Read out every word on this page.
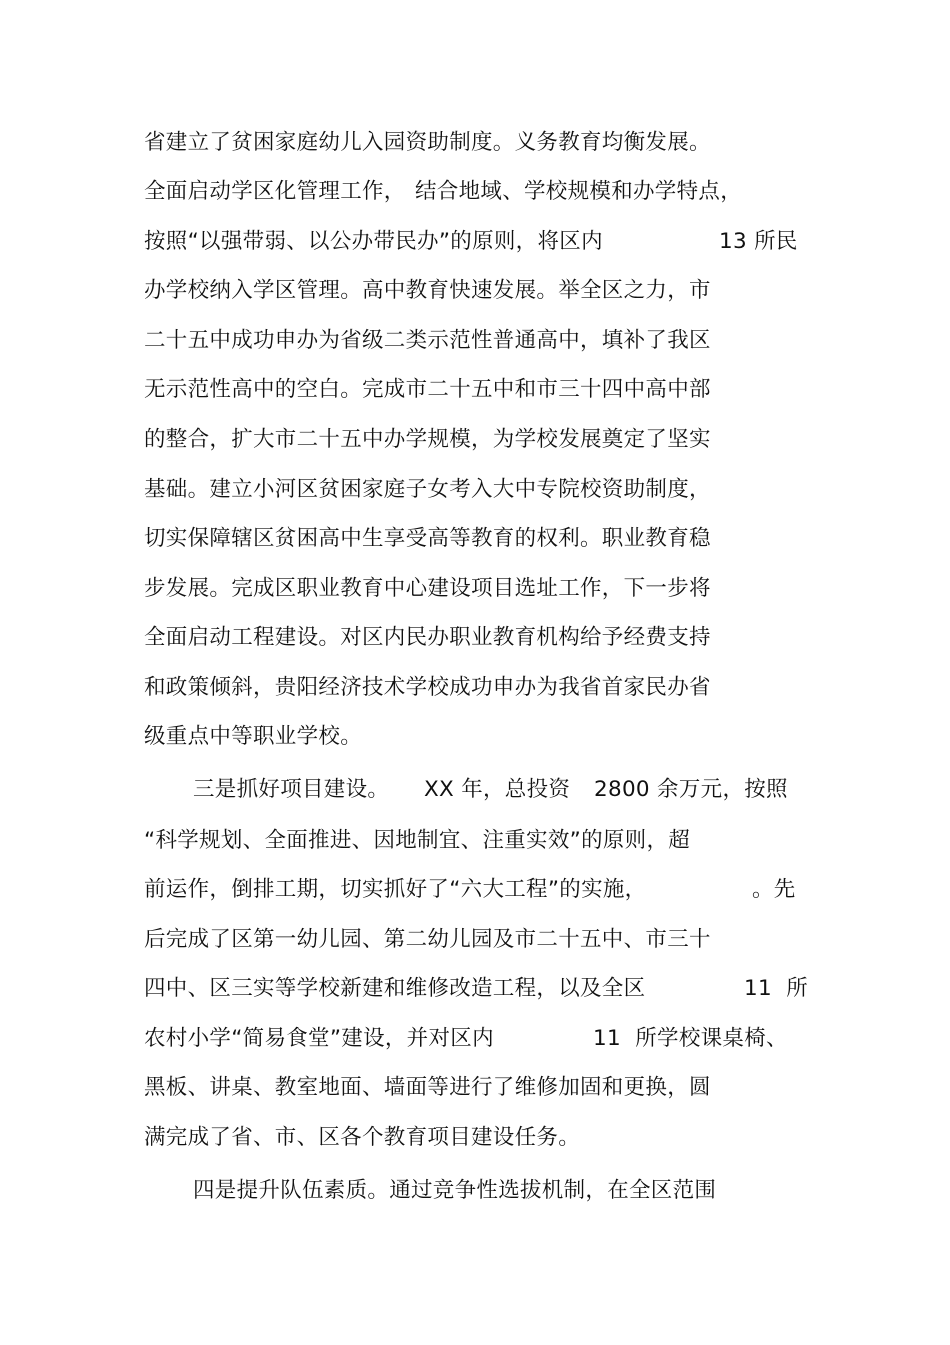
省建立了贫困家庭幼儿入园资助制度。义务教育均衡发展。

全面启动学区化管理工作，

结合地域、学校规模和办学特点，

按照“以强带弱、以公办带民办”的原则，将区内

	13 所民

办学校纳入学区管理。高中教育快速发展。举全区之力，市

二十五中成功申办为省级二类示范性普通高中，填补了我区

无示范性高中的空白。完成市二十五中和市三十四中高中部

的整合，扩大市二十五中办学规模，为学校发展奠定了坚实

基础。建立小河区贫困家庭子女考入大中专院校资助制度，

切实保障辖区贫困高中生享受高等教育的权利。职业教育稳

步发展。完成区职业教育中心建设项目选址工作，下一步将

全面启动工程建设。对区内民办职业教育机构给予经费支持

和政策倾斜，贵阳经济技术学校成功申办为我省首家民办省

级重点中等职业学校。

三是抓好项目建设。

XX 年，总投资

2800 余万元，按照

“科学规划、全面推进、因地制宜、注重实效”的原则，超

前运作，倒排工期，切实抓好了“六大工程”的实施，

	。先

后完成了区第一幼儿园、第二幼儿园及市二十五中、市三十

四中、区三实等学校新建和维修改造工程，以及全区

	11  所

农村小学“简易食堂”建设，并对区内

	11  所学校课桌椅、

黑板、讲桌、教室地面、墙面等进行了维修加固和更换，圆

满完成了省、市、区各个教育项目建设任务。

四是提升队伍素质。通过竞争性选拔机制，在全区范围
